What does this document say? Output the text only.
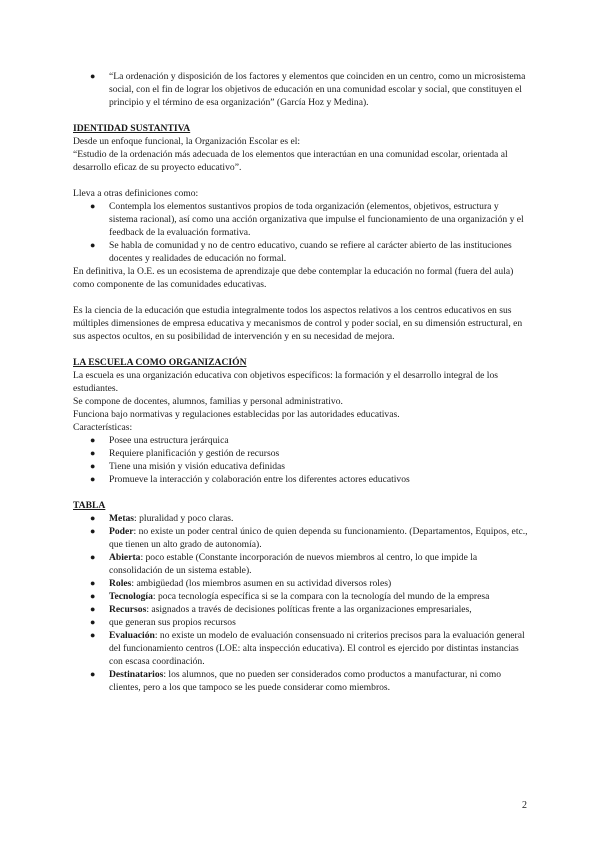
● “La ordenación y disposición de los factores y elementos que coinciden en un centro, como un microsistema social, con el fin de lograr los objetivos de educación en una comunidad escolar y social, que constituyen el principio y el término de esa organización” (García Hoz y Medina).

IDENTIDAD SUSTANTIVA

Desde un enfoque funcional, la Organización Escolar es el:

“Estudio de la ordenación más adecuada de los elementos que interactúan en una comunidad escolar, orientada al desarrollo eficaz de su proyecto educativo”.

Lleva a otras definiciones como:

● Contempla los elementos sustantivos propios de toda organización (elementos, objetivos, estructura y sistema racional), así como una acción organizativa que impulse el funcionamiento de una organización y el feedback de la evaluación formativa.
● Se habla de comunidad y no de centro educativo, cuando se refiere al carácter abierto de las instituciones docentes y realidades de educación no formal.

En definitiva, la O.E. es un ecosistema de aprendizaje que debe contemplar la educación no formal (fuera del aula) como componente de las comunidades educativas.

Es la ciencia de la educación que estudia integralmente todos los aspectos relativos a los centros educativos en sus múltiples dimensiones de empresa educativa y mecanismos de control y poder social, en su dimensión estructural, en sus aspectos ocultos, en su posibilidad de intervención y en su necesidad de mejora.

LA ESCUELA COMO ORGANIZACIÓN

La escuela es una organización educativa con objetivos específicos: la formación y el desarrollo integral de los estudiantes.

Se compone de docentes, alumnos, familias y personal administrativo.

Funciona bajo normativas y regulaciones establecidas por las autoridades educativas.

Características:

● Posee una estructura jerárquica
● Requiere planificación y gestión de recursos
● Tiene una misión y visión educativa definidas
● Promueve la interacción y colaboración entre los diferentes actores educativos

TABLA

● Metas: pluralidad y poco claras.
● Poder: no existe un poder central único de quien dependa su funcionamiento. (Departamentos, Equipos, etc., que tienen un alto grado de autonomía).
● Abierta: poco estable (Constante incorporación de nuevos miembros al centro, lo que impide la consolidación de un sistema estable).
● Roles: ambigüedad (los miembros asumen en su actividad diversos roles)
● Tecnología: poca tecnología específica si se la compara con la tecnología del mundo de la empresa
● Recursos: asignados a través de decisiones políticas frente a las organizaciones empresariales,
● que generan sus propios recursos
● Evaluación: no existe un modelo de evaluación consensuado ni criterios precisos para la evaluación general del funcionamiento centros (LOE: alta inspección educativa). El control es ejercido por distintas instancias con escasa coordinación.
● Destinatarios: los alumnos, que no pueden ser considerados como productos a manufacturar, ni como clientes, pero a los que tampoco se les puede considerar como miembros.
2
